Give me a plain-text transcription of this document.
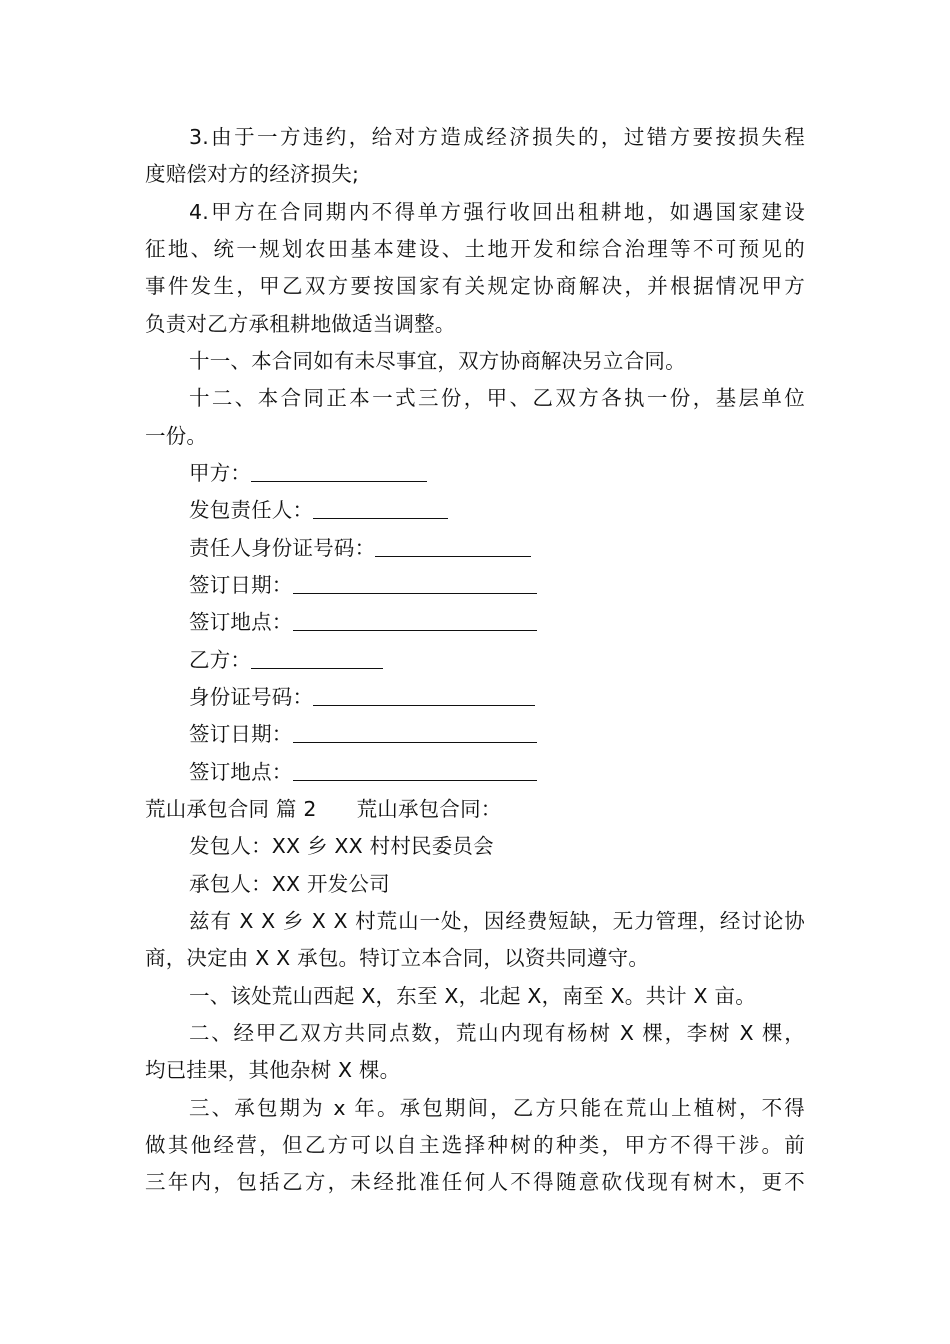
3.由于一方违约，给对方造成经济损失的，过错方要按损失程
度赔偿对方的经济损失;
4.甲方在合同期内不得单方强行收回出租耕地，如遇国家建设
征地、统一规划农田基本建设、土地开发和综合治理等不可预见的
事件发生，甲乙双方要按国家有关规定协商解决，并根据情况甲方
负责对乙方承租耕地做适当调整。
十一、本合同如有未尽事宜，双方协商解决另立合同。
十二、本合同正本一式三份，甲、乙双方各执一份，基层单位
一份。
甲方：
发包责任人：
责任人身份证号码：
签订日期：
签订地点：
乙方：
身份证号码：
签订日期：
签订地点：
荒山承包合同 篇 2 荒山承包合同：
发包人：XX 乡 XX 村村民委员会
承包人：XX 开发公司
兹有 X X 乡 X X 村荒山一处，因经费短缺，无力管理，经讨论协
商，决定由 X X 承包。特订立本合同，以资共同遵守。
一、该处荒山西起 X，东至 X，北起 X，南至 X。共计 X 亩。
二、经甲乙双方共同点数，荒山内现有杨树 X 棵，李树 X 棵，
均已挂果，其他杂树 X 棵。
三、承包期为 x 年。承包期间，乙方只能在荒山上植树，不得
做其他经营，但乙方可以自主选择种树的种类，甲方不得干涉。前
三年内，包括乙方，未经批准任何人不得随意砍伐现有树木，更不
